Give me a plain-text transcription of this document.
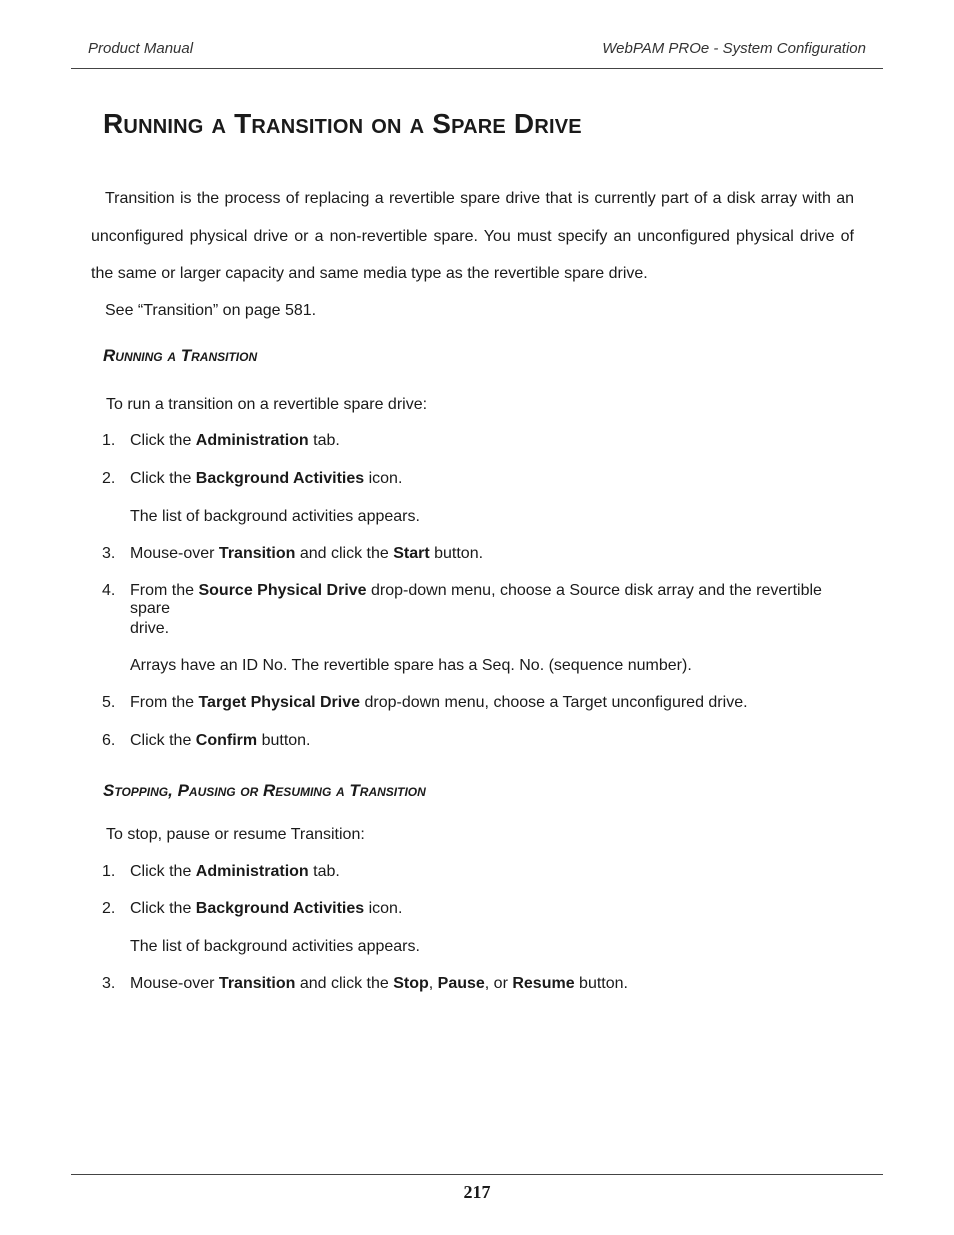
Product Manual	WebPAM PROe - System Configuration
Running a Transition on a Spare Drive

Transition is the process of replacing a revertible spare drive that is currently part of a disk array with an unconfigured physical drive or a non-revertible spare. You must specify an unconfigured physical drive of the same or larger capacity and same media type as the revertible spare drive.

See “Transition” on page 581.

Running a Transition

To run a transition on a revertible spare drive:

1. Click the Administration tab.
2. Click the Background Activities icon.
The list of background activities appears.
3. Mouse-over Transition and click the Start button.
4. From the Source Physical Drive drop-down menu, choose a Source disk array and the revertible spare
drive.
Arrays have an ID No. The revertible spare has a Seq. No. (sequence number).
5. From the Target Physical Drive drop-down menu, choose a Target unconfigured drive.
6. Click the Confirm button.
Stopping, Pausing or Resuming a Transition

To stop, pause or resume Transition:

1. Click the Administration tab.
2. Click the Background Activities icon.
The list of background activities appears.
3. Mouse-over Transition and click the Stop, Pause, or Resume button.
217
